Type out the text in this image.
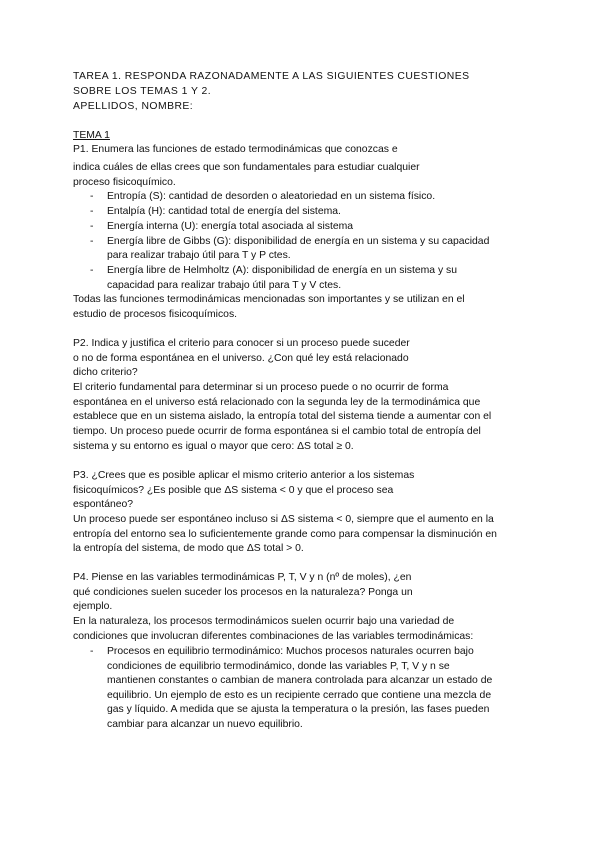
TAREA 1. RESPONDA RAZONADAMENTE A LAS SIGUIENTES CUESTIONES
SOBRE LOS TEMAS 1 Y 2.
APELLIDOS, NOMBRE:
TEMA 1
P1. Enumera las funciones de estado termodinámicas que conozcas e
indica cuáles de ellas crees que son fundamentales para estudiar cualquier
proceso fisicoquímico.
- Entropía (S): cantidad de desorden o aleatoriedad en un sistema físico.
- Entalpía (H): cantidad total de energía del sistema.
- Energía interna (U): energía total asociada al sistema
- Energía libre de Gibbs (G): disponibilidad de energía en un sistema y su capacidad
para realizar trabajo útil para T y P ctes.
- Energía libre de Helmholtz (A): disponibilidad de energía en un sistema y su
capacidad para realizar trabajo útil para T y V ctes.
Todas las funciones termodinámicas mencionadas son importantes y se utilizan en el
estudio de procesos fisicoquímicos.
P2. Indica y justifica el criterio para conocer si un proceso puede suceder
o no de forma espontánea en el universo. ¿Con qué ley está relacionado
dicho criterio?
El criterio fundamental para determinar si un proceso puede o no ocurrir de forma
espontánea en el universo está relacionado con la segunda ley de la termodinámica que
establece que en un sistema aislado, la entropía total del sistema tiende a aumentar con el
tiempo. Un proceso puede ocurrir de forma espontánea si el cambio total de entropía del
sistema y su entorno es igual o mayor que cero: ΔS total ≥ 0.
P3. ¿Crees que es posible aplicar el mismo criterio anterior a los sistemas
fisicoquímicos? ¿Es posible que ΔS sistema < 0 y que el proceso sea
espontáneo?
Un proceso puede ser espontáneo incluso si ΔS sistema < 0, siempre que el aumento en la
entropía del entorno sea lo suficientemente grande como para compensar la disminución en
la entropía del sistema, de modo que ΔS total > 0.
P4. Piense en las variables termodinámicas P, T, V y n (nº de moles), ¿en
qué condiciones suelen suceder los procesos en la naturaleza? Ponga un
ejemplo.
En la naturaleza, los procesos termodinámicos suelen ocurrir bajo una variedad de
condiciones que involucran diferentes combinaciones de las variables termodinámicas:
- Procesos en equilibrio termodinámico: Muchos procesos naturales ocurren bajo
condiciones de equilibrio termodinámico, donde las variables P, T, V y n se
mantienen constantes o cambian de manera controlada para alcanzar un estado de
equilibrio. Un ejemplo de esto es un recipiente cerrado que contiene una mezcla de
gas y líquido. A medida que se ajusta la temperatura o la presión, las fases pueden
cambiar para alcanzar un nuevo equilibrio.
